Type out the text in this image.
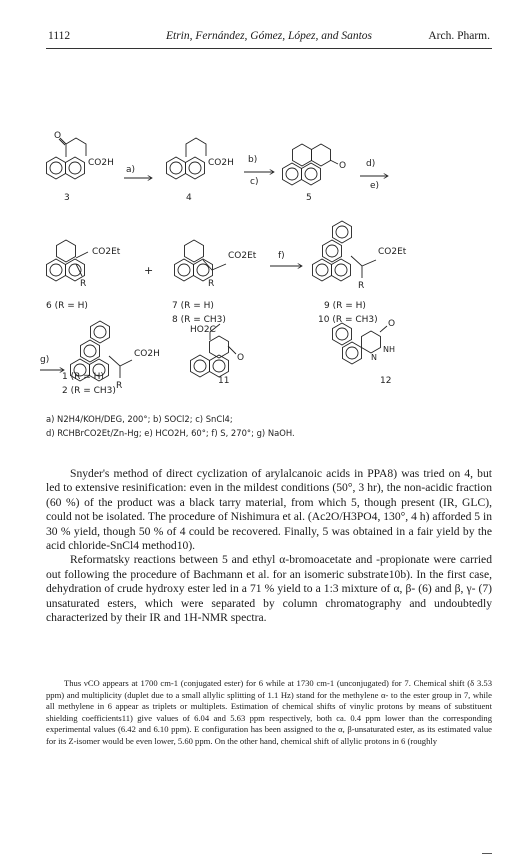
1112	Etrin, Fernández, Gómez, López, and Santos	Arch. Pharm.
O
CO2H
3
a)
CO2H
4
b)
c)
O
5
d)
e)
CO2Et
R
6 (R = H)
+
CO2Et
R
7 (R = H)
8 (R = CH3)
f)	CO2Et
R
9 (R = H)
10 (R = CH3)
g)
CO2H
R
HO2C
O
O
N
NH
1 (R = H)
2 (R = CH3)
11	12
a) N2H4/KOH/DEG, 200°; b) SOCl2; c) SnCl4;
d) RCHBrCO2Et/Zn-Hg; e) HCO2H, 60°; f) S, 270°; g) NaOH.

Snyder's method of direct cyclization of arylalcanoic acids in PPA8) was tried on 4, but led to extensive resinification: even in the mildest conditions (50°, 3 hr), the non-acidic fraction (60 %) of the product was a black tarry material, from which 5, though present (IR, GLC), could not be isolated. The procedure of Nishimura et al. (Ac2O/H3PO4, 130°, 4 h) afforded 5 in 30 % yield, though 50 % of 4 could be recovered. Finally, 5 was obtained in a fair yield by the acid chloride-SnCl4 method10).

Reformatsky reactions between 5 and ethyl α-bromoacetate and -propionate were carried out following the procedure of Bachmann et al. for an isomeric substrate10b). In the first case, dehydration of crude hydroxy ester led in a 71 % yield to a 1:3 mixture of α, β- (6) and β, γ- (7) unsaturated esters, which were separated by column chromatography and undoubtedly characterized by their IR and 1H-NMR spectra.

Thus νCO appears at 1700 cm-1 (conjugated ester) for 6 while at 1730 cm-1 (unconjugated) for 7. Chemical shift (δ 3.53 ppm) and multiplicity (duplet due to a small allylic splitting of 1.1 Hz) stand for the methylene α- to the ester group in 7, while all methylene in 6 appear as triplets or multiplets. Estimation of chemical shifts of vinylic protons by means of substituent shielding coefficients11) give values of 6.04 and 5.63 ppm respectively, both ca. 0.4 ppm lower than the corresponding experimental values (6.42 and 6.10 ppm). E configuration has been assigned to the α, β-unsaturated ester, as its estimated value for its Z-isomer would be even lower, 5.60 ppm. On the other hand, chemical shift of allylic protons in 6 (roughly
